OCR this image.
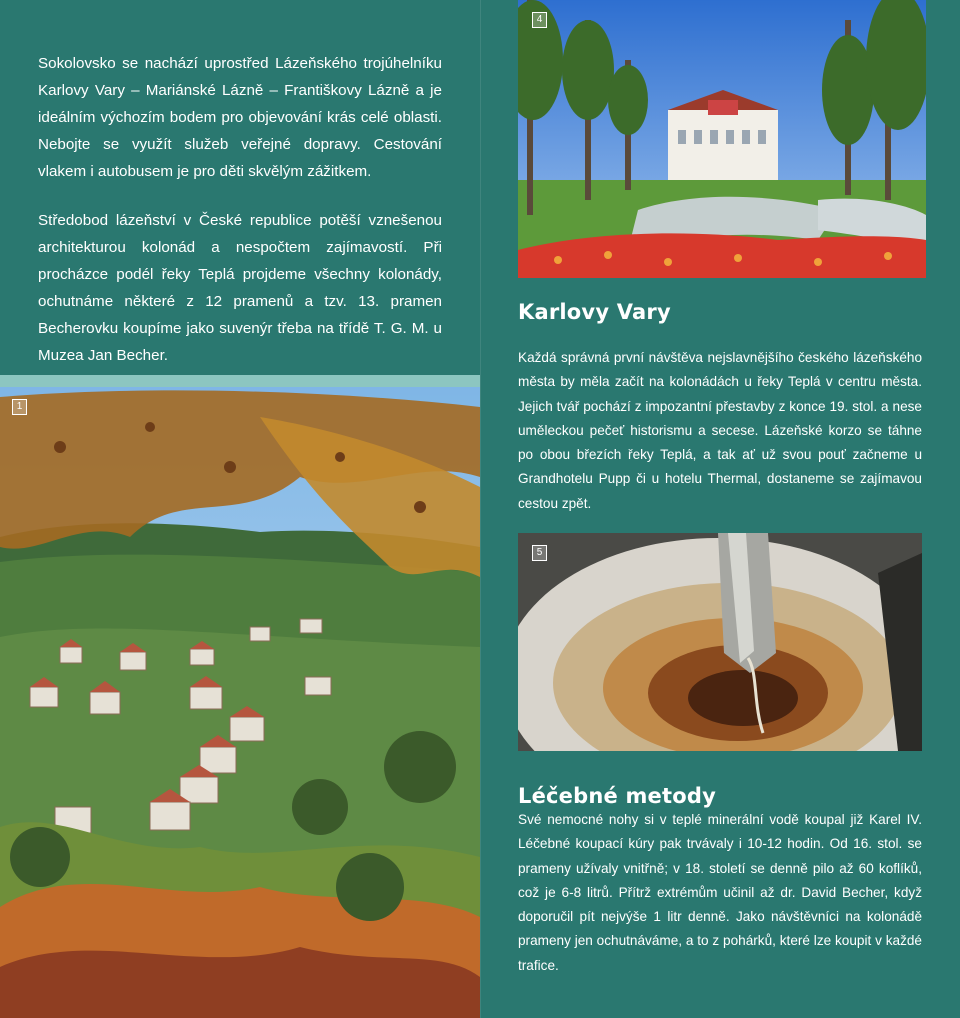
Sokolovsko se nachází uprostřed Lázeňského trojúhelníku Karlovy Vary – Mariánské Lázně – Františkovy Lázně a je ideálním výchozím bodem pro objevování krás celé oblasti. Nebojte se využít služeb veřejné dopravy. Cestování vlakem i autobusem je pro děti skvělým zážitkem.

Středobod lázeňství v České republice potěší vznešenou architekturou kolonád a nespočtem zajímavostí. Při procházce podél řeky Teplá projdeme všechny kolonády, ochutnáme některé z 12 pramenů a tzv. 13. pramen Becherovku koupíme jako suvenýr třeba na třídě T. G. M. u Muzea Jan Becher.

1
4
Karlovy Vary

Každá správná první návštěva nejslavnějšího českého lázeňského města by měla začít na kolonádách u řeky Teplá v centru města. Jejich tvář pochází z impozantní přestavby z konce 19. stol. a nese uměleckou pečeť historismu a secese. Lázeňské korzo se táhne po obou březích řeky Teplá, a tak ať už svou pouť začneme u Grandhotelu Pupp či u hotelu Thermal, dostaneme se zajímavou cestou zpět.

5
Léčebné metody

Své nemocné nohy si v teplé minerální vodě koupal již Karel IV. Léčebné koupací kúry pak trvávaly i 10-12 hodin. Od 16. stol. se prameny užívaly vnitřně; v 18. století se denně pilo až 60 koflíků, což je 6-8 litrů. Přítrž extrémům učinil až dr. David Becher, když doporučil pít nejvýše 1 litr denně. Jako návštěvníci na kolonádě prameny jen ochutnáváme, a to z pohárků, které lze koupit v každé trafice.
